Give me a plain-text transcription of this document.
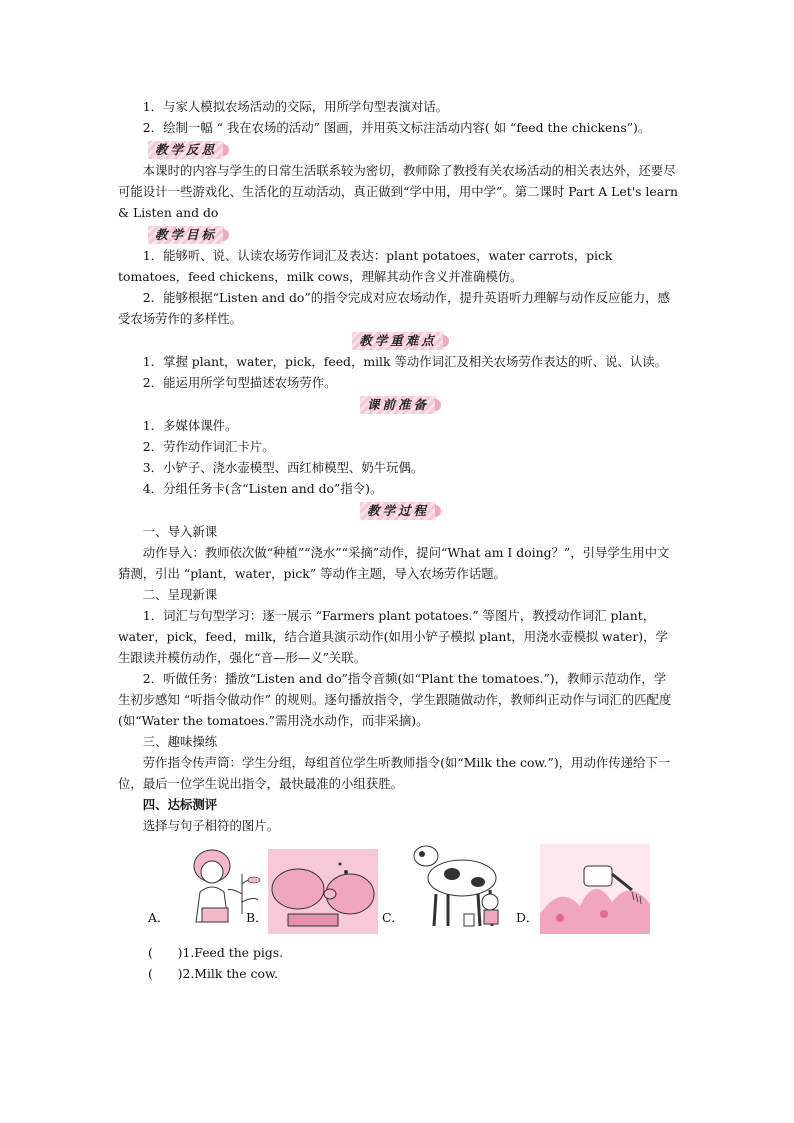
1．与家人模拟农场活动的交际，用所学句型表演对话。

2．绘制一幅 “ 我在农场的活动” 图画，并用英文标注活动内容( 如 “feed the chickens”)。

教学反思

本课时的内容与学生的日常生活联系较为密切，教师除了教授有关农场活动的相关表达外，还要尽可能设计一些游戏化、生活化的互动活动，真正做到“学中用，用中学”。第二课时 Part A Let's learn & Listen and do

教学目标

1．能够听、说、认读农场劳作词汇及表达：plant potatoes，water carrots，pick tomatoes，feed chickens，milk cows，理解其动作含义并准确模仿。

2．能够根据“Listen and do”的指令完成对应农场动作，提升英语听力理解与动作反应能力，感受农场劳作的多样性。

教学重难点

1．掌握 plant，water，pick，feed，milk 等动作词汇及相关农场劳作表达的听、说、认读。

2．能运用所学句型描述农场劳作。

课前准备

1．多媒体课件。

2．劳作动作词汇卡片。

3．小铲子、浇水壶模型、西红柿模型、奶牛玩偶。

4．分组任务卡(含“Listen and do”指令)。

教学过程

一、导入新课

动作导入：教师依次做“种植”“浇水”“采摘”动作，提问“What am I doing？”，引导学生用中文猜测，引出 “plant，water，pick” 等动作主题，导入农场劳作话题。

二、呈现新课

1．词汇与句型学习：逐一展示 “Farmers plant potatoes.” 等图片，教授动作词汇 plant，water，pick，feed，milk，结合道具演示动作(如用小铲子模拟 plant，用浇水壶模拟 water)，学生跟读并模仿动作，强化“音—形—义”关联。

2．听做任务：播放“Listen and do”指令音频(如“Plant the tomatoes.”)，教师示范动作，学生初步感知 “听指令做动作” 的规则。逐句播放指令，学生跟随做动作，教师纠正动作与词汇的匹配度(如“Water the tomatoes.”需用浇水动作，而非采摘)。

三、趣味操练

劳作指令传声筒：学生分组，每组首位学生听教师指令(如“Milk the cow.”)，用动作传递给下一位，最后一位学生说出指令，最快最准的小组获胜。

四、达标测评

选择与句子相符的图片。

A．	B．	C．	D．

(　　)1.Feed the pigs.

(　　)2.Milk the cow.
